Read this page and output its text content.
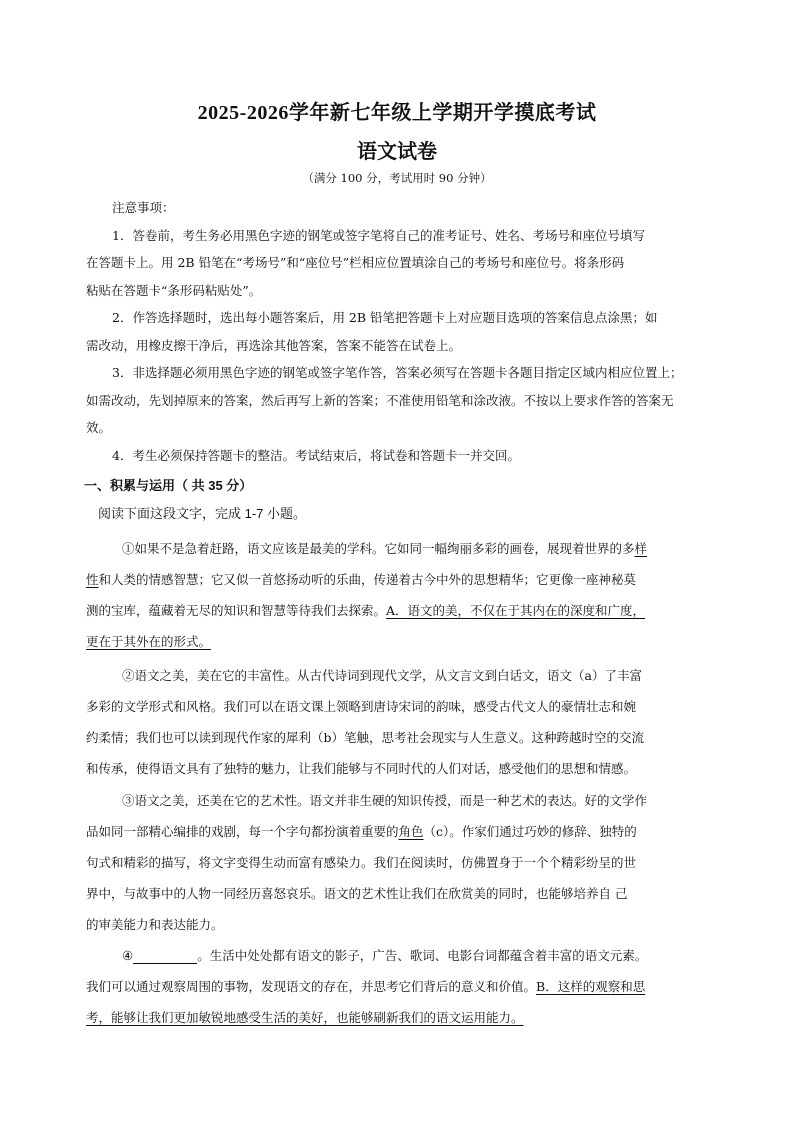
2025-2026学年新七年级上学期开学摸底考试
语文试卷
（满分 100 分，考试用时 90 分钟）
注意事项：
1．答卷前，考生务必用黑色字迹的钢笔或签字笔将自己的准考证号、姓名、考场号和座位号填写
在答题卡上。用 2B 铅笔在“考场号”和“座位号”栏相应位置填涂自己的考场号和座位号。将条形码
粘贴在答题卡“条形码粘贴处”。
2．作答选择题时，选出每小题答案后，用 2B 铅笔把答题卡上对应题目选项的答案信息点涂黑；如
需改动，用橡皮擦干净后，再选涂其他答案，答案不能答在试卷上。
3．非选择题必须用黑色字迹的钢笔或签字笔作答，答案必须写在答题卡各题目指定区域内相应位置上；
如需改动，先划掉原来的答案，然后再写上新的答案；不准使用铅笔和涂改液。不按以上要求作答的答案无
效。
4．考生必须保持答题卡的整洁。考试结束后，将试卷和答题卡一并交回。
一、积累与运用（ 共 35 分）
阅读下面这段文字，完成 1-7 小题。
①如果不是急着赶路，语文应该是最美的学科。它如同一幅绚丽多彩的画卷，展现着世界的多样
性和人类的情感智慧；它又似一首悠扬动听的乐曲，传递着古今中外的思想精华；它更像一座神秘莫
测的宝库，蕴藏着无尽的知识和智慧等待我们去探索。A．语文的美，不仅在于其内在的深度和广度，
更在于其外在的形式。
②语文之美，美在它的丰富性。从古代诗词到现代文学，从文言文到白话文，语文（a）了丰富
多彩的文学形式和风格。我们可以在语文课上领略到唐诗宋词的韵味，感受古代文人的豪情壮志和婉
约柔情；我们也可以读到现代作家的犀利（b）笔触，思考社会现实与人生意义。这种跨越时空的交流
和传承，使得语文具有了独特的魅力，让我们能够与不同时代的人们对话，感受他们的思想和情感。
③语文之美，还美在它的艺术性。语文并非生硬的知识传授，而是一种艺术的表达。好的文学作
品如同一部精心编排的戏剧，每一个字句都扮演着重要的角色（c）。作家们通过巧妙的修辞、独特的
句式和精彩的描写，将文字变得生动而富有感染力。我们在阅读时，仿佛置身于一个个精彩纷呈的世
界中，与故事中的人物一同经历喜怒哀乐。语文的艺术性让我们在欣赏美的同时，也能够培养自 己
的审美能力和表达能力。
④	。生活中处处都有语文的影子，广告、歌词、电影台词都蕴含着丰富的语文元素。
我们可以通过观察周围的事物，发现语文的存在，并思考它们背后的意义和价值。B．这样的观察和思
考，能够让我们更加敏锐地感受生活的美好，也能够刷新我们的语文运用能力。
